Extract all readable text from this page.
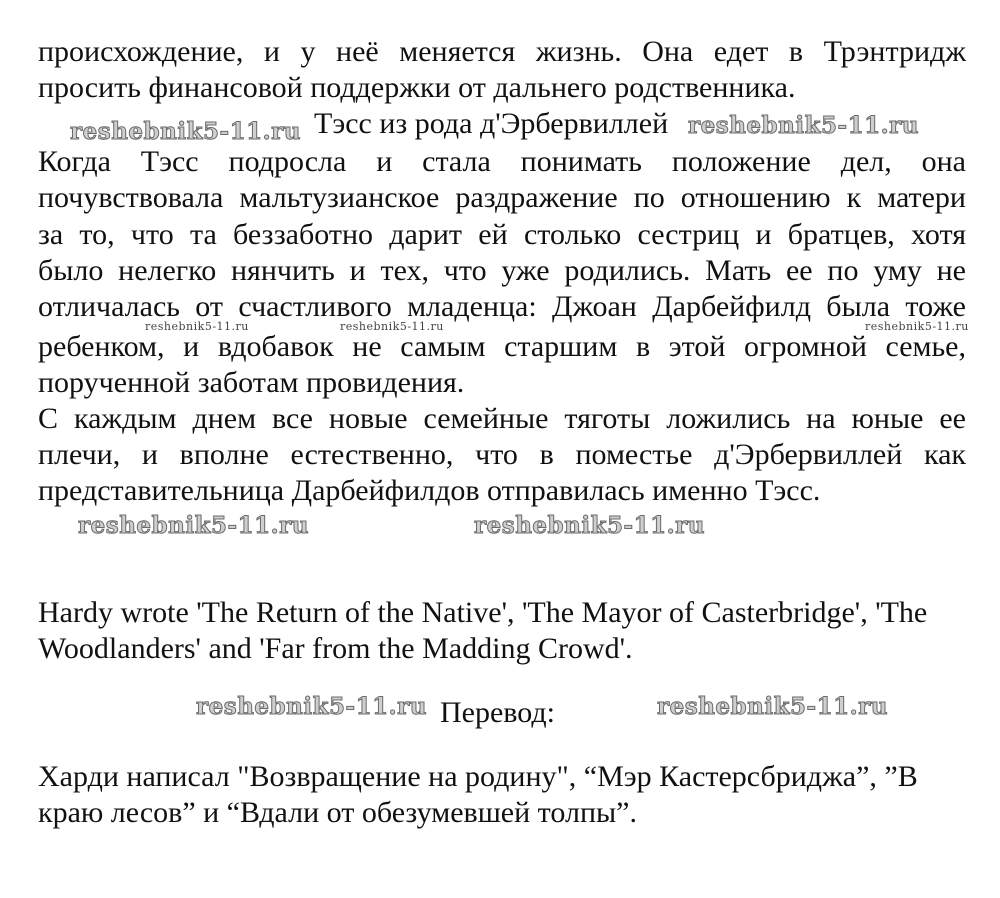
происхождение, и у неё меняется жизнь. Она едет в Трэнтридж
просить финансовой поддержки от дальнего родственника.
reshebnik5-11.ru Тэсс из рода д'Эрбервиллей reshebnik5-11.ru
Когда Тэсс подросла и стала понимать положение дел, она
почувствовала мальтузианское раздражение по отношению к матери
за то, что та беззаботно дарит ей столько сестриц и братцев, хотя
было нелегко нянчить и тех, что уже родились. Мать ее по уму не
отличалась от счастливого младенца: Джоан Дарбейфилд была тоже
reshebnik5-11.ru	reshebnik5-11.ru	reshebnik5-11.ru
ребенком, и вдобавок не самым старшим в этой огромной семье,
порученной заботам провидения.
С каждым днем все новые семейные тяготы ложились на юные ее
плечи, и вполне естественно, что в поместье д'Эрбервиллей как
представительница Дарбейфилдов отправилась именно Тэсс.
reshebnik5-11.ru	reshebnik5-11.ru
Hardy wrote 'The Return of the Native', 'The Mayor of Casterbridge', 'The
Woodlanders' and 'Far from the Madding Crowd'.
reshebnik5-11.ru Перевод:	reshebnik5-11.ru
Харди написал "Возвращение на родину", “Мэр Кастерсбриджа”, ”В
краю лесов” и “Вдали от обезумевшей толпы”.
